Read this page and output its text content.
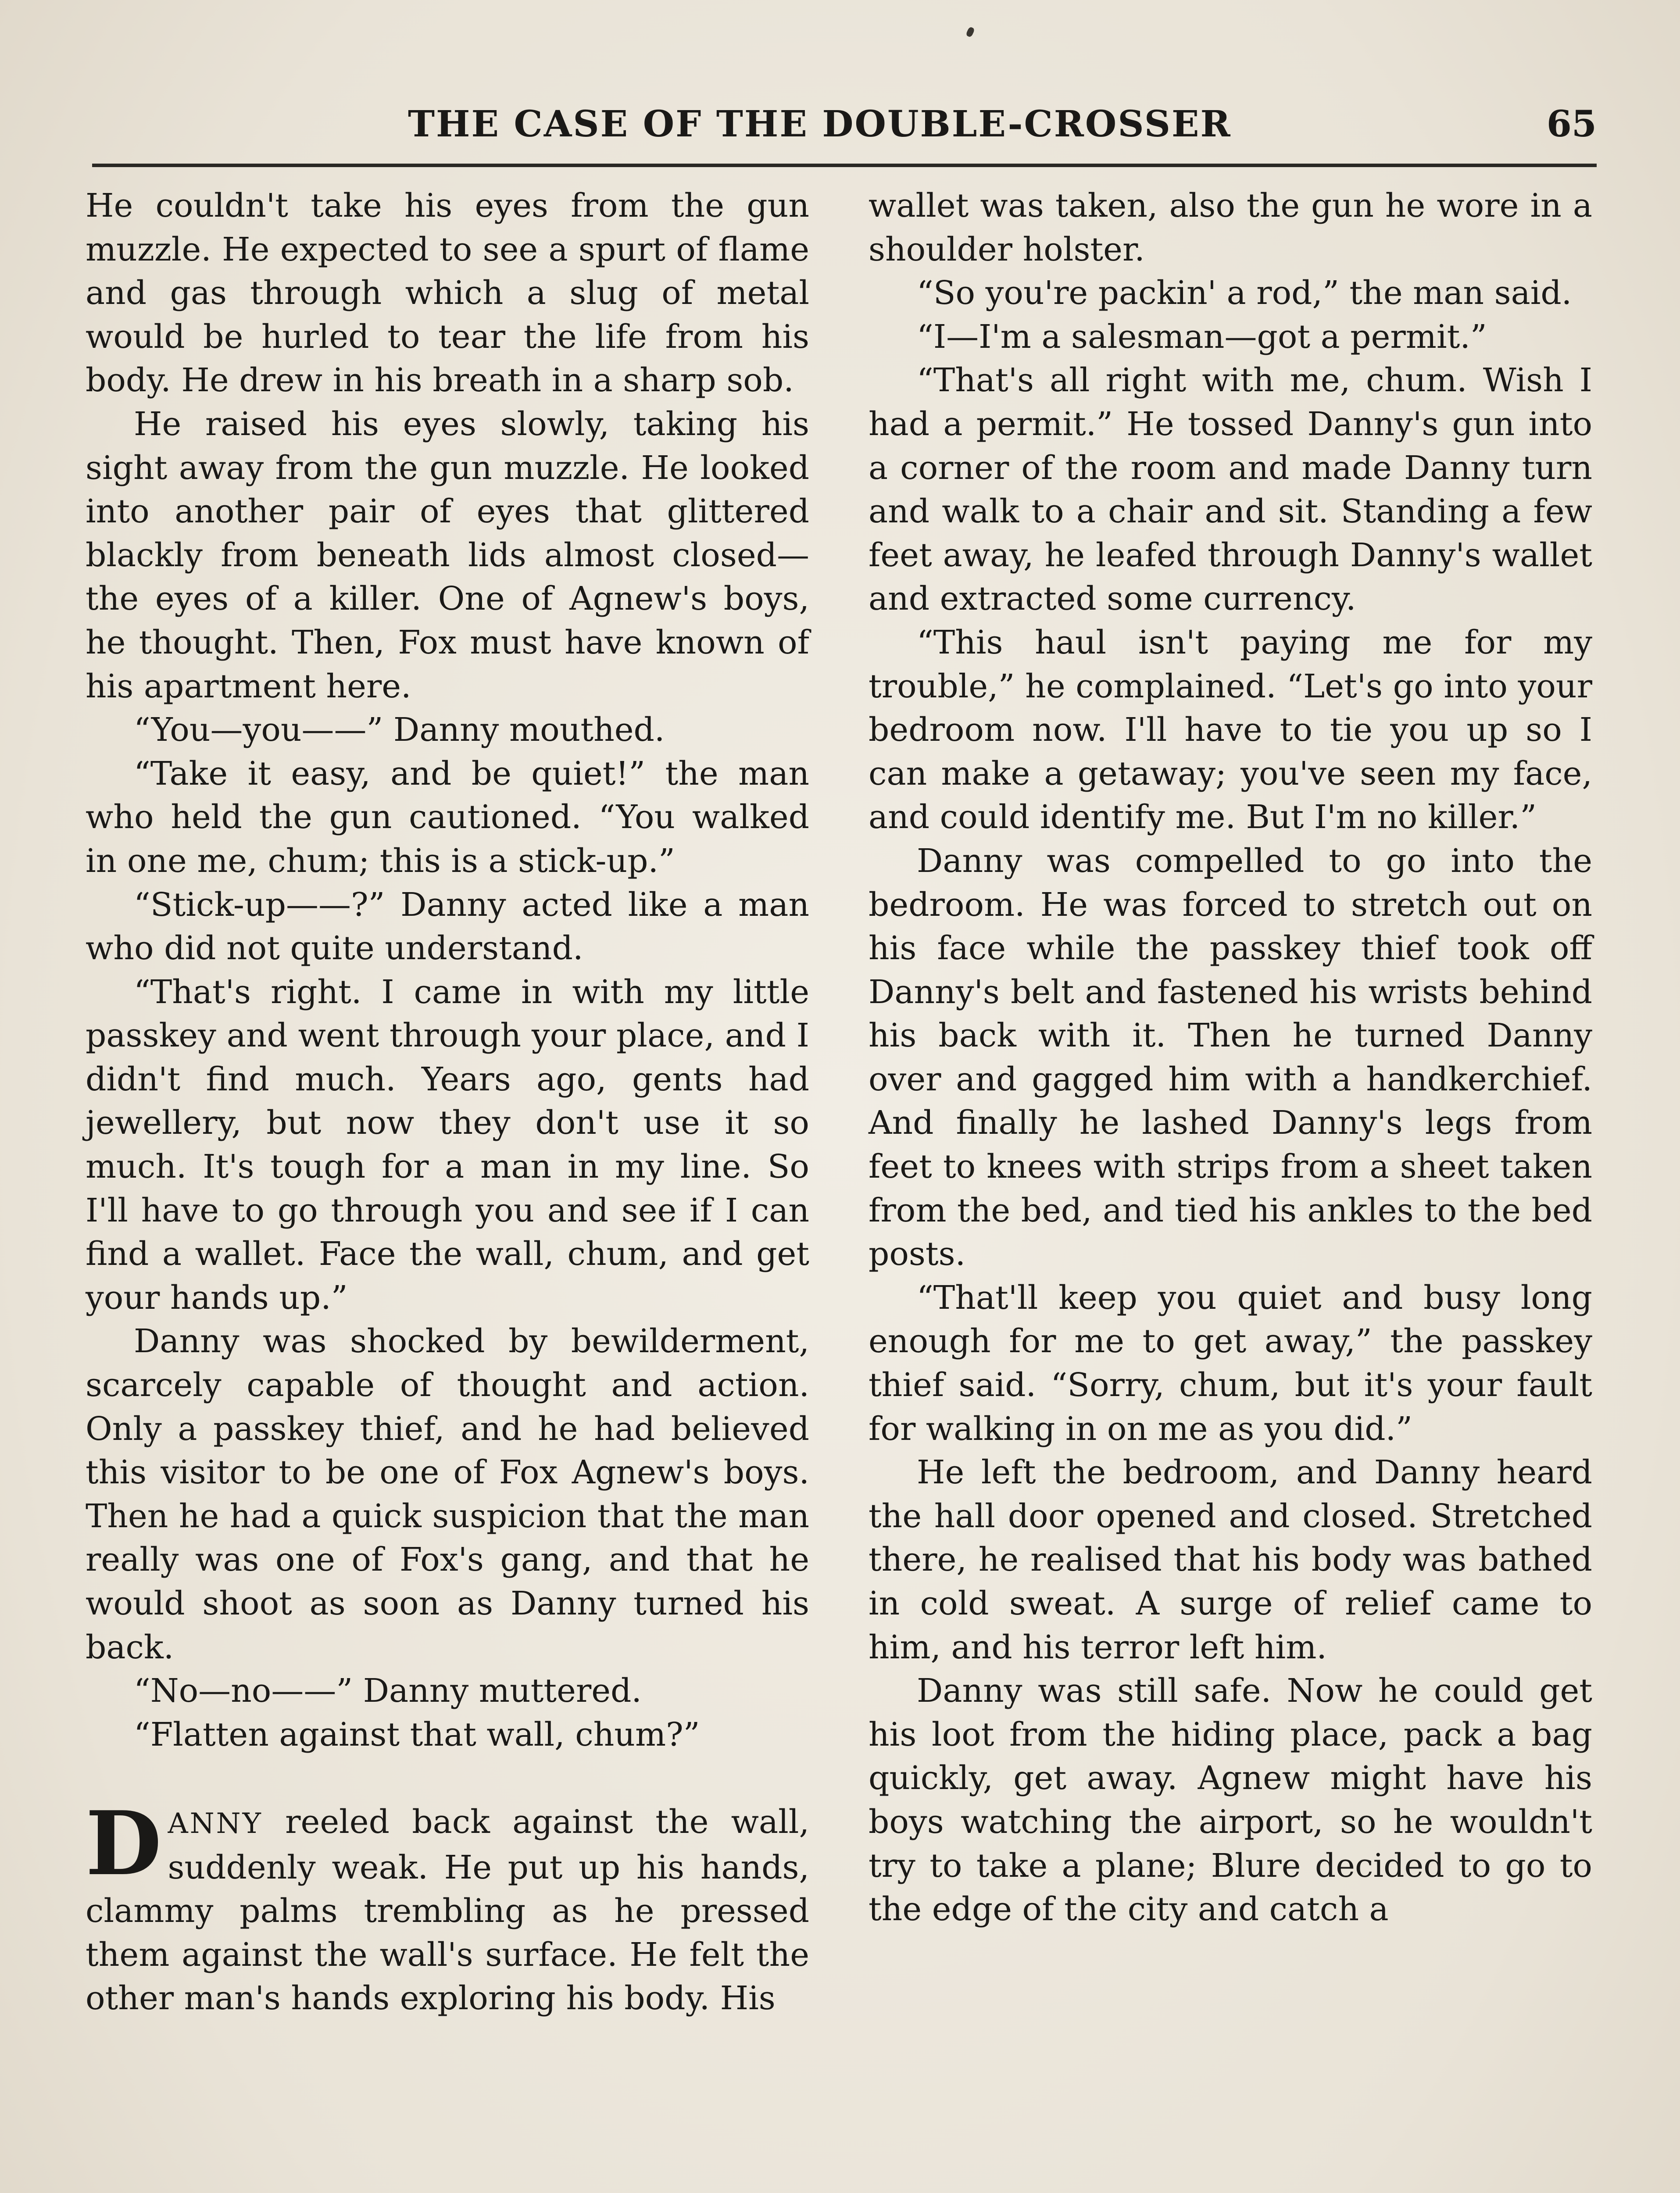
THE CASE OF THE DOUBLE-CROSSER	65

He couldn't take his eyes from the gun muzzle. He expected to see a spurt of flame and gas through which a slug of metal would be hurled to tear the life from his body. He drew in his breath in a sharp sob.

He raised his eyes slowly, taking his sight away from the gun muzzle. He looked into another pair of eyes that glittered blackly from beneath lids almost closed—the eyes of a killer. One of Agnew's boys, he thought. Then, Fox must have known of his apartment here.

“You—you——” Danny mouthed.

“Take it easy, and be quiet!” the man who held the gun cautioned. “You walked in one me, chum; this is a stick-up.”

“Stick-up——?” Danny acted like a man who did not quite understand.

“That's right. I came in with my little passkey and went through your place, and I didn't find much. Years ago, gents had jewellery, but now they don't use it so much. It's tough for a man in my line. So I'll have to go through you and see if I can find a wallet. Face the wall, chum, and get your hands up.”

Danny was shocked by bewilderment, scarcely capable of thought and action. Only a passkey thief, and he had believed this visitor to be one of Fox Agnew's boys. Then he had a quick suspicion that the man really was one of Fox's gang, and that he would shoot as soon as Danny turned his back.

“No—no——” Danny muttered.

“Flatten against that wall, chum?”

DANNY reeled back against the wall, suddenly weak. He put up his hands, clammy palms trembling as he pressed them against the wall's surface. He felt the other man's hands exploring his body. His

wallet was taken, also the gun he wore in a shoulder holster.

“So you're packin' a rod,” the man said.

“I—I'm a salesman—got a permit.”

“That's all right with me, chum. Wish I had a permit.” He tossed Danny's gun into a corner of the room and made Danny turn and walk to a chair and sit. Standing a few feet away, he leafed through Danny's wallet and extracted some currency.

“This haul isn't paying me for my trouble,” he complained. “Let's go into your bedroom now. I'll have to tie you up so I can make a getaway; you've seen my face, and could identify me. But I'm no killer.”

Danny was compelled to go into the bedroom. He was forced to stretch out on his face while the passkey thief took off Danny's belt and fastened his wrists behind his back with it. Then he turned Danny over and gagged him with a handkerchief. And finally he lashed Danny's legs from feet to knees with strips from a sheet taken from the bed, and tied his ankles to the bed posts.

“That'll keep you quiet and busy long enough for me to get away,” the passkey thief said. “Sorry, chum, but it's your fault for walking in on me as you did.”

He left the bedroom, and Danny heard the hall door opened and closed. Stretched there, he realised that his body was bathed in cold sweat. A surge of relief came to him, and his terror left him.

Danny was still safe. Now he could get his loot from the hiding place, pack a bag quickly, get away. Agnew might have his boys watching the airport, so he wouldn't try to take a plane; Blure decided to go to the edge of the city and catch a
